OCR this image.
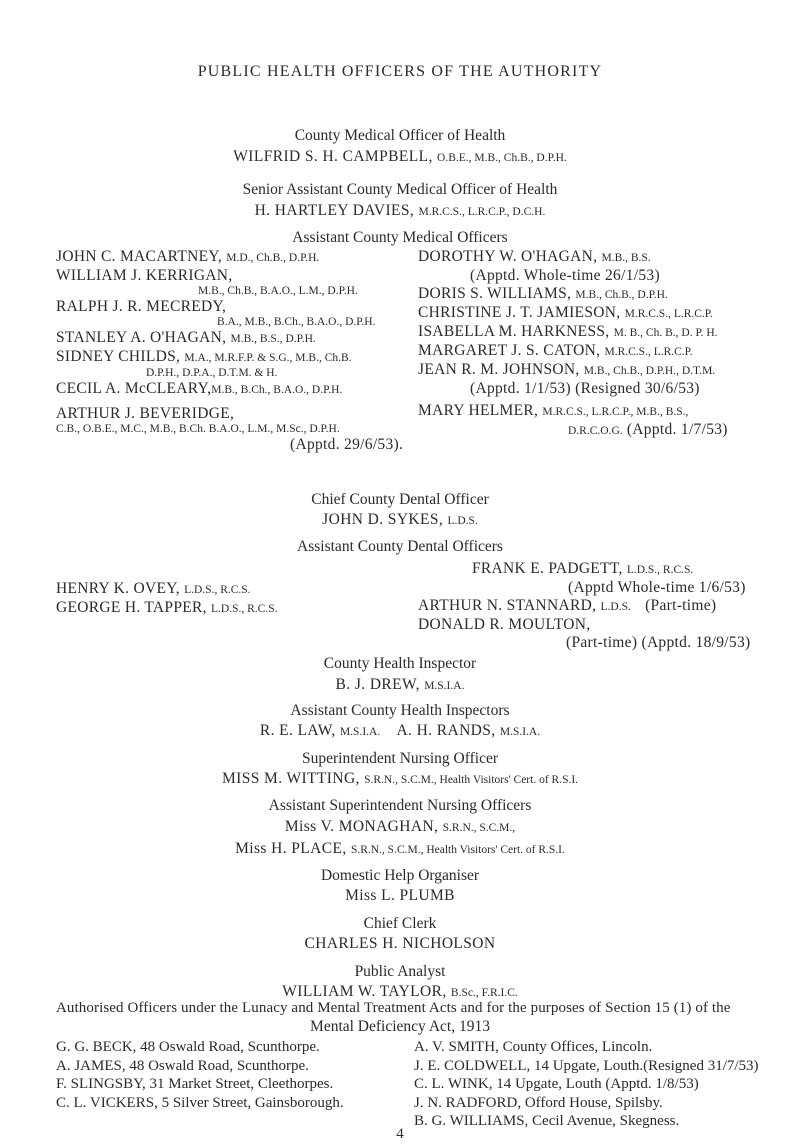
PUBLIC HEALTH OFFICERS OF THE AUTHORITY
County Medical Officer of Health
WILFRID S. H. CAMPBELL, O.B.E., M.B., Ch.B., D.P.H.
Senior Assistant County Medical Officer of Health
H. HARTLEY DAVIES, M.R.C.S., L.R.C.P., D.C.H.
Assistant County Medical Officers
JOHN C. MACARTNEY, M.D., Ch.B., D.P.H.
WILLIAM J. KERRIGAN,
M.B., Ch.B., B.A.O., L.M., D.P.H.
RALPH J. R. MECREDY,
B.A., M.B., B.Ch., B.A.O., D.P.H.
STANLEY A. O'HAGAN, M.B., B.S., D.P.H.
SIDNEY CHILDS, M.A., M.R.F.P. & S.G., M.B., Ch.B.
D.P.H., D.P.A., D.T.M. & H.
CECIL A. McCLEARY,M.B., B.Ch., B.A.O., D.P.H.
ARTHUR J. BEVERIDGE,
C.B., O.B.E., M.C., M.B., B.Ch. B.A.O., L.M., M.Sc., D.P.H.
(Apptd. 29/6/53).
DOROTHY W. O'HAGAN, M.B., B.S.
(Apptd. Whole-time 26/1/53)
DORIS S. WILLIAMS, M.B., Ch.B., D.P.H.
CHRISTINE J. T. JAMIESON, M.R.C.S., L.R.C.P.
ISABELLA M. HARKNESS, M. B., Ch. B., D. P. H.
MARGARET J. S. CATON, M.R.C.S., L.R.C.P.
JEAN R. M. JOHNSON, M.B., Ch.B., D.P.H., D.T.M.
(Apptd. 1/1/53) (Resigned 30/6/53)
MARY HELMER, M.R.C.S., L.R.C.P., M.B., B.S.,
D.R.C.O.G. (Apptd. 1/7/53)
Chief County Dental Officer
JOHN D. SYKES, L.D.S.
Assistant County Dental Officers
HENRY K. OVEY, L.D.S., R.C.S.
GEORGE H. TAPPER, L.D.S., R.C.S.
FRANK E. PADGETT, L.D.S., R.C.S.
(Apptd Whole-time 1/6/53)
ARTHUR N. STANNARD, L.D.S. (Part-time)
DONALD R. MOULTON,
(Part-time) (Apptd. 18/9/53)
County Health Inspector
B. J. DREW, M.S.I.A.
Assistant County Health Inspectors
R. E. LAW, M.S.I.A. A. H. RANDS, M.S.I.A.
Superintendent Nursing Officer
MISS M. WITTING, S.R.N., S.C.M., Health Visitors' Cert. of R.S.I.
Assistant Superintendent Nursing Officers
Miss V. MONAGHAN, S.R.N., S.C.M.,
Miss H. PLACE, S.R.N., S.C.M., Health Visitors' Cert. of R.S.I.
Domestic Help Organiser
Miss L. PLUMB
Chief Clerk
CHARLES H. NICHOLSON
Public Analyst
WILLIAM W. TAYLOR, B.Sc., F.R.I.C.
Authorised Officers under the Lunacy and Mental Treatment Acts and for the purposes of Section 15 (1) of the
Mental Deficiency Act, 1913
G. G. BECK, 48 Oswald Road, Scunthorpe.
A. JAMES, 48 Oswald Road, Scunthorpe.
F. SLINGSBY, 31 Market Street, Cleethorpes.
C. L. VICKERS, 5 Silver Street, Gainsborough.
A. V. SMITH, County Offices, Lincoln.
J. E. COLDWELL, 14 Upgate, Louth.(Resigned 31/7/53)
C. L. WINK, 14 Upgate, Louth (Apptd. 1/8/53)
J. N. RADFORD, Offord House, Spilsby.
B. G. WILLIAMS, Cecil Avenue, Skegness.
4
